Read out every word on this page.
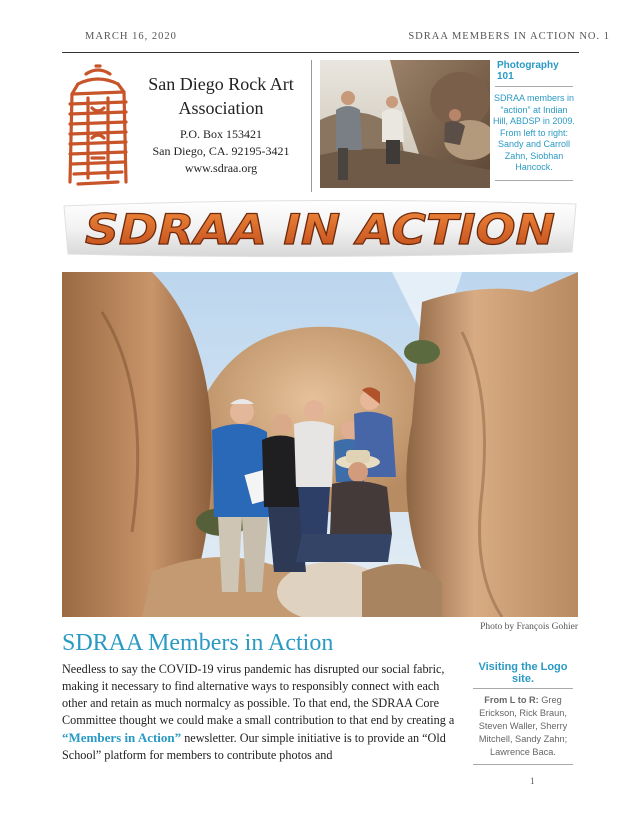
MARCH 16, 2020	SDRAA MEMBERS IN ACTION NO. 1
San Diego Rock Art
Association
P.O. Box 153421
San Diego, CA. 92195-3421
www.sdraa.org
Photography 101
SDRAA members in “action” at Indian Hill, ABDSP in 2009. From left to right: Sandy and Carroll Zahn, Siobhan Hancock.
SDRAA IN ACTION
Photo by François Gohier
SDRAA Members in Action
Needless to say the COVID-19 virus pandemic has disrupted our social fabric, making it necessary to find alternative ways to responsibly connect with each other and retain as much normalcy as possible. To that end, the SDRAA Core Committee thought we could make a small contribution to that end by creating a “Members in Action” newsletter. Our simple initiative is to provide an “Old School” platform for members to contribute photos and
Visiting the Logo site.
From L to R: Greg Erickson, Rick Braun, Steven Waller, Sherry Mitchell, Sandy Zahn; Lawrence Baca.
1
